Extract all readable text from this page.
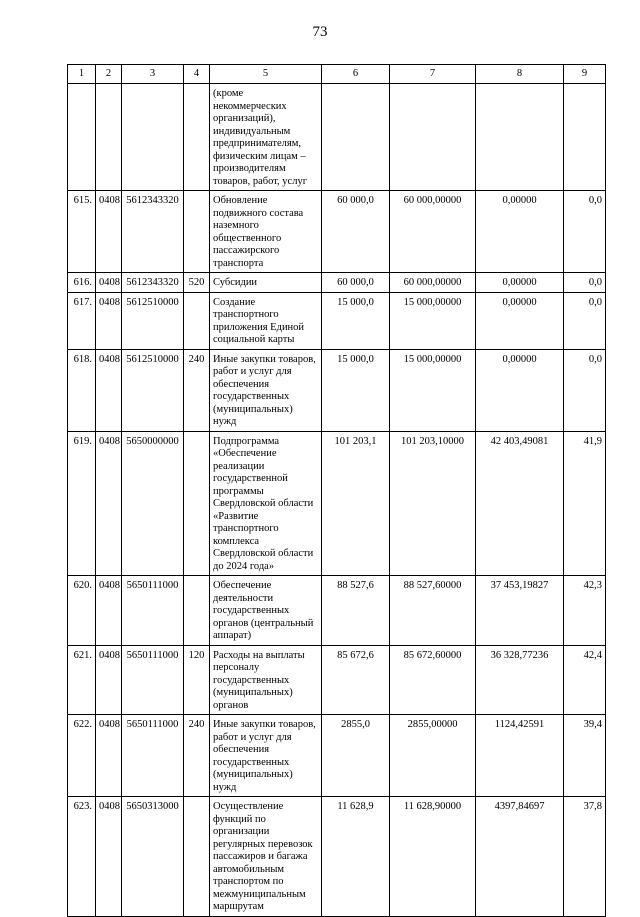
73
1	2	3	4	5	6	7	8	9
				(кроме некоммерческих организаций), индивидуальным предпринимателям, физическим лицам – производителям товаров, работ, услуг				
615.	0408	5612343320		Обновление подвижного состава наземного общественного пассажирского транспорта	60 000,0	60 000,00000	0,00000	0,0
616.	0408	5612343320	520	Субсидии	60 000,0	60 000,00000	0,00000	0,0
617.	0408	5612510000		Создание транспортного приложения Единой социальной карты	15 000,0	15 000,00000	0,00000	0,0
618.	0408	5612510000	240	Иные закупки товаров, работ и услуг для обеспечения государственных (муниципальных) нужд	15 000,0	15 000,00000	0,00000	0,0
619.	0408	5650000000		Подпрограмма «Обеспечение реализации государственной программы Свердловской области «Развитие транспортного комплекса Свердловской области до 2024 года»	101 203,1	101 203,10000	42 403,49081	41,9
620.	0408	5650111000		Обеспечение деятельности государственных органов (центральный аппарат)	88 527,6	88 527,60000	37 453,19827	42,3
621.	0408	5650111000	120	Расходы на выплаты персоналу государственных (муниципальных) органов	85 672,6	85 672,60000	36 328,77236	42,4
622.	0408	5650111000	240	Иные закупки товаров, работ и услуг для обеспечения государственных (муниципальных) нужд	2855,0	2855,00000	1124,42591	39,4
623.	0408	5650313000		Осуществление функций по организации регулярных перевозок пассажиров и багажа автомобильным транспортом по межмуниципальным маршрутам	11 628,9	11 628,90000	4397,84697	37,8
